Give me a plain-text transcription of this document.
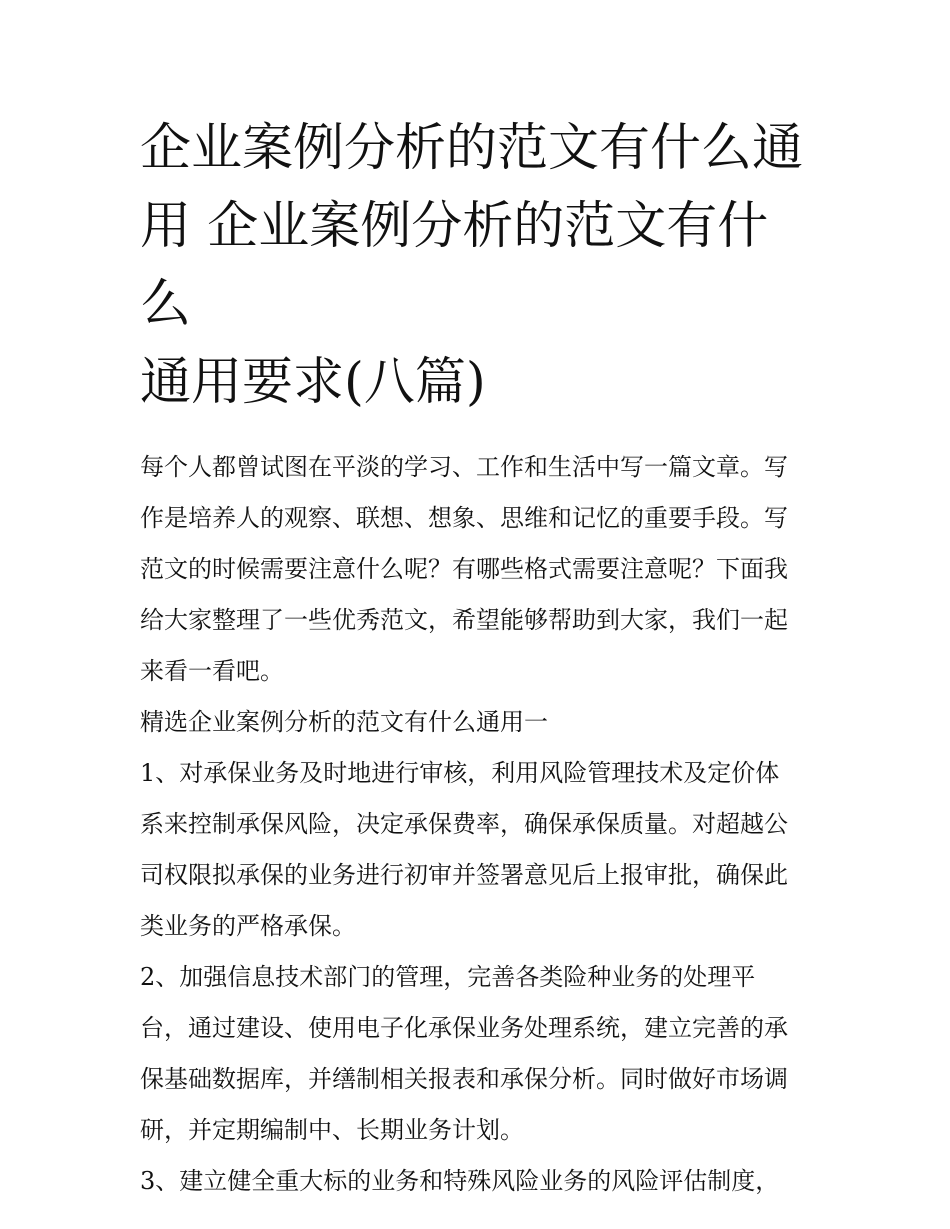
企业案例分析的范文有什么通
用 企业案例分析的范文有什么
通用要求(八篇)
每个人都曾试图在平淡的学习、工作和生活中写一篇文章。写
作是培养人的观察、联想、想象、思维和记忆的重要手段。写
范文的时候需要注意什么呢？有哪些格式需要注意呢？下面我
给大家整理了一些优秀范文，希望能够帮助到大家，我们一起
来看一看吧。
精选企业案例分析的范文有什么通用一
1、对承保业务及时地进行审核，利用风险管理技术及定价体
系来控制承保风险，决定承保费率，确保承保质量。对超越公
司权限拟承保的业务进行初审并签署意见后上报审批，确保此
类业务的严格承保。
2、加强信息技术部门的管理，完善各类险种业务的处理平
台，通过建设、使用电子化承保业务处理系统，建立完善的承
保基础数据库，并缮制相关报表和承保分析。同时做好市场调
研，并定期编制中、长期业务计划。
3、建立健全重大标的业务和特殊风险业务的风险评估制度，
